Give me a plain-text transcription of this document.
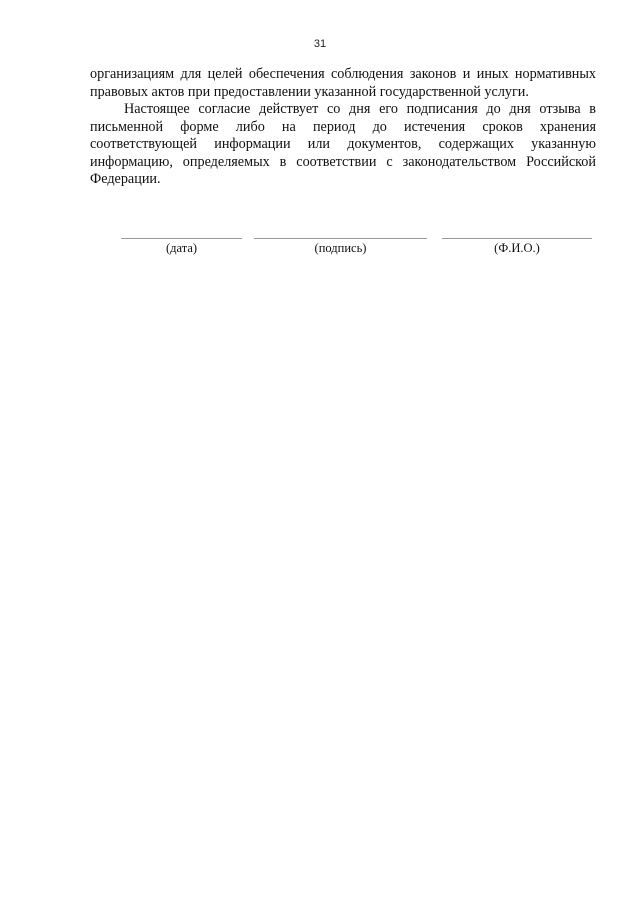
31

организациям для целей обеспечения соблюдения законов и иных нормативных правовых актов при предоставлении указанной государственной услуги.

Настоящее согласие действует со дня его подписания до дня отзыва в письменной форме либо на период до истечения сроков хранения соответствующей информации или документов, содержащих указанную информацию, определяемых в соответствии с законодательством Российской Федерации.

(дата)	(подпись)	(Ф.И.О.)
